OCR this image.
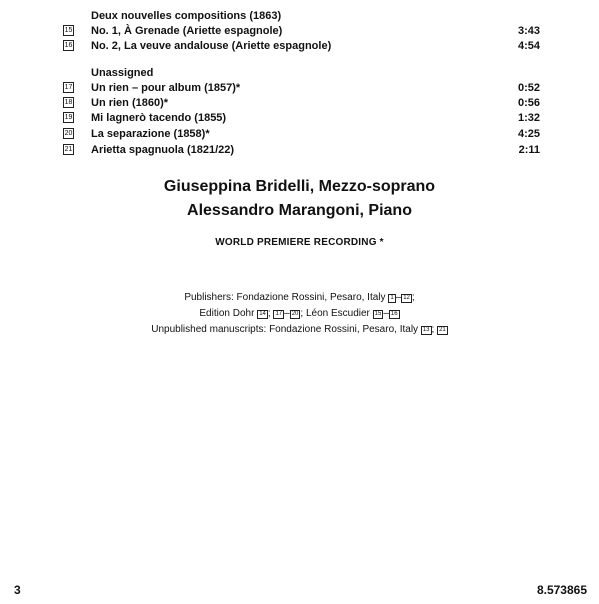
Deux nouvelles compositions (1863)
15 No. 1, À Grenade (Ariette espagnole)	3:43
16 No. 2, La veuve andalouse (Ariette espagnole)	4:54
Unassigned
17 Un rien – pour album (1857)*	0:52
18 Un rien (1860)*	0:56
19 Mi lagnerò tacendo (1855)	1:32
20 La separazione (1858)*	4:25
21 Arietta spagnuola (1821/22)	2:11
Giuseppina Bridelli, Mezzo-soprano
Alessandro Marangoni, Piano
WORLD PREMIERE RECORDING *
Publishers: Fondazione Rossini, Pesaro, Italy 1 – 12 ;
Edition Dohr 14 ; 17 – 20 ; Léon Escudier 15 – 16
Unpublished manuscripts: Fondazione Rossini, Pesaro, Italy 13 ; 21
3	8.573865
